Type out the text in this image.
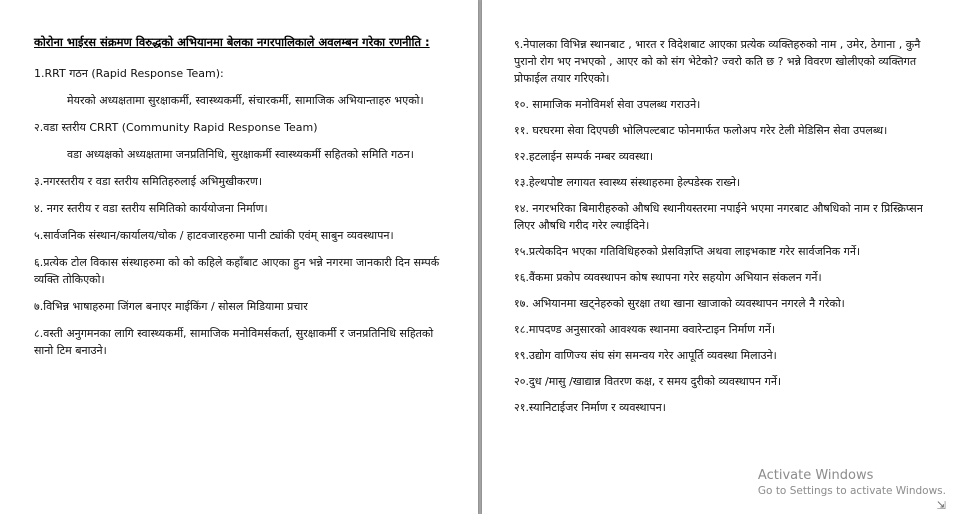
कोरोना भाईरस संक्रमण विरुद्धको अभियानमा बेलका नगरपालिकाले अवलम्बन गरेका रणनीति :
1.RRT गठन (Rapid Response Team):
मेयरको अध्यक्षतामा सुरक्षाकर्मी, स्वास्थ्यकर्मी, संचारकर्मी, सामाजिक अभियान्ताहरु भएको।
२.वडा स्तरीय CRRT (Community Rapid Response Team)
वडा अध्यक्षको अध्यक्षतामा जनप्रतिनिधि, सुरक्षाकर्मी स्वास्थ्यकर्मी सहितको समिति गठन।
३.नगरस्तरीय र वडा स्तरीय समितिहरुलाई अभिमुखीकरण।
४. नगर स्तरीय र वडा स्तरीय समितिको कार्ययोजना निर्माण।
५.सार्वजनिक संस्थान/कार्यालय/चोक / हाटवजारहरुमा पानी ट्यांकी एवंम् साबुन व्यवस्थापन।
६.प्रत्येक टोल विकास संस्थाहरुमा को को कहिले कहाँबाट आएका हुन भन्ने नगरमा जानकारी दिन सम्पर्क व्यक्ति तोकिएको।
७.विभिन्न भाषाहरुमा जिंगल बनाएर माईकिंग / सोसल मिडियामा प्रचार
८.वस्ती अनुगमनका लागि स्वास्थ्यकर्मी, सामाजिक मनोविमर्सकर्ता, सुरक्षाकर्मी र जनप्रतिनिधि सहितको सानो टिम बनाउने।
९.नेपालका विभिन्न स्थानबाट , भारत र विदेशबाट आएका प्रत्येक व्यक्तिहरुको नाम , उमेर, ठेगाना , कुनै पुरानो रोग भए नभएको , आएर को को संग भेटेको? ज्वरो कति छ ? भन्ने विवरण खोलीएको व्यक्तिगत प्रोफाईल तयार गरिएको।
१०. सामाजिक मनोविमर्श सेवा उपलब्ध गराउने।
११. घरघरमा सेवा दिएपछी भोलिपल्टबाट फोनमार्फत फलोअप गरेर टेली मेडिसिन सेवा उपलब्ध।
१२.हटलाईन सम्पर्क नम्बर व्यवस्था।
१३.हेल्थपोष्ट लगायत स्वास्थ्य संस्थाहरुमा हेल्पडेस्क राख्ने।
१४. नगरभरिका बिमारीहरुको औषधि स्थानीयस्तरमा नपाईने भएमा नगरबाट औषधिको नाम र प्रिस्क्रिप्सन लिएर औषधि गरीद गरेर ल्याईदिने।
१५.प्रत्येकदिन भएका गतिविधिहरुको प्रेसविज्ञप्ति अथवा लाइभकाष्ट गरेर सार्वजनिक गर्ने।
१६.वैंकमा प्रकोप व्यवस्थापन कोष स्थापना गरेर सहयोग अभियान संकलन गर्ने।
१७. अभियानमा खट्नेहरुको सुरक्षा तथा खाना खाजाको व्यवस्थापन नगरले नै गरेको।
१८.मापदण्ड अनुसारको आवश्यक स्थानमा क्वारेन्टाइन निर्माण गर्ने।
१९.उद्योग वाणिज्य संघ संग समन्वय गरेर आपूर्ति व्यवस्था मिलाउने।
२०.दुध /मासु /खाद्यान्न वितरण कक्ष, र समय दुरीको व्यवस्थापन गर्ने।
२१.स्यानिटाईजर निर्माण र व्यवस्थापन।
Activate Windows
Go to Settings to activate Windows.
⇲
